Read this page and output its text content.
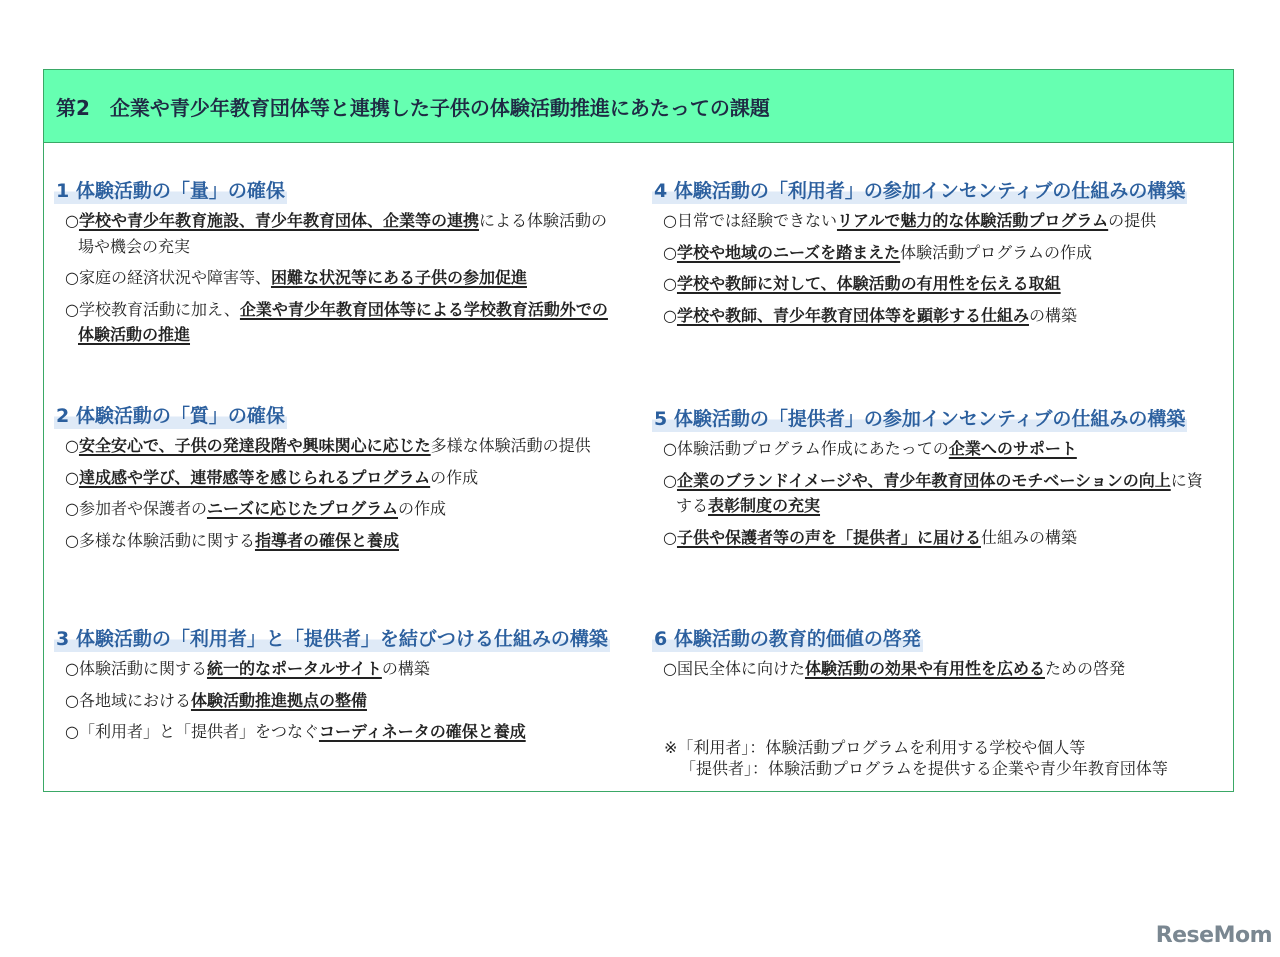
第2　企業や青少年教育団体等と連携した子供の体験活動推進にあたっての課題
1 体験活動の「量」の確保
○学校や青少年教育施設、青少年教育団体、企業等の連携による体験活動の場や機会の充実
○家庭の経済状況や障害等、困難な状況等にある子供の参加促進
○学校教育活動に加え、企業や青少年教育団体等による学校教育活動外での体験活動の推進
2 体験活動の「質」の確保
○安全安心で、子供の発達段階や興味関心に応じた多様な体験活動の提供
○達成感や学び、連帯感等を感じられるプログラムの作成
○参加者や保護者のニーズに応じたプログラムの作成
○多様な体験活動に関する指導者の確保と養成
3 体験活動の「利用者」と「提供者」を結びつける仕組みの構築
○体験活動に関する統一的なポータルサイトの構築
○各地域における体験活動推進拠点の整備
○「利用者」と「提供者」をつなぐコーディネータの確保と養成
4 体験活動の「利用者」の参加インセンティブの仕組みの構築
○日常では経験できないリアルで魅力的な体験活動プログラムの提供
○学校や地域のニーズを踏まえた体験活動プログラムの作成
○学校や教師に対して、体験活動の有用性を伝える取組
○学校や教師、青少年教育団体等を顕彰する仕組みの構築
5 体験活動の「提供者」の参加インセンティブの仕組みの構築
○体験活動プログラム作成にあたっての企業へのサポート
○企業のブランドイメージや、青少年教育団体のモチベーションの向上に資する表彰制度の充実
○子供や保護者等の声を「提供者」に届ける仕組みの構築
6 体験活動の教育的価値の啓発
○国民全体に向けた体験活動の効果や有用性を広めるための啓発
※「利用者」：体験活動プログラムを利用する学校や個人等
「提供者」：体験活動プログラムを提供する企業や青少年教育団体等
ReseMom
